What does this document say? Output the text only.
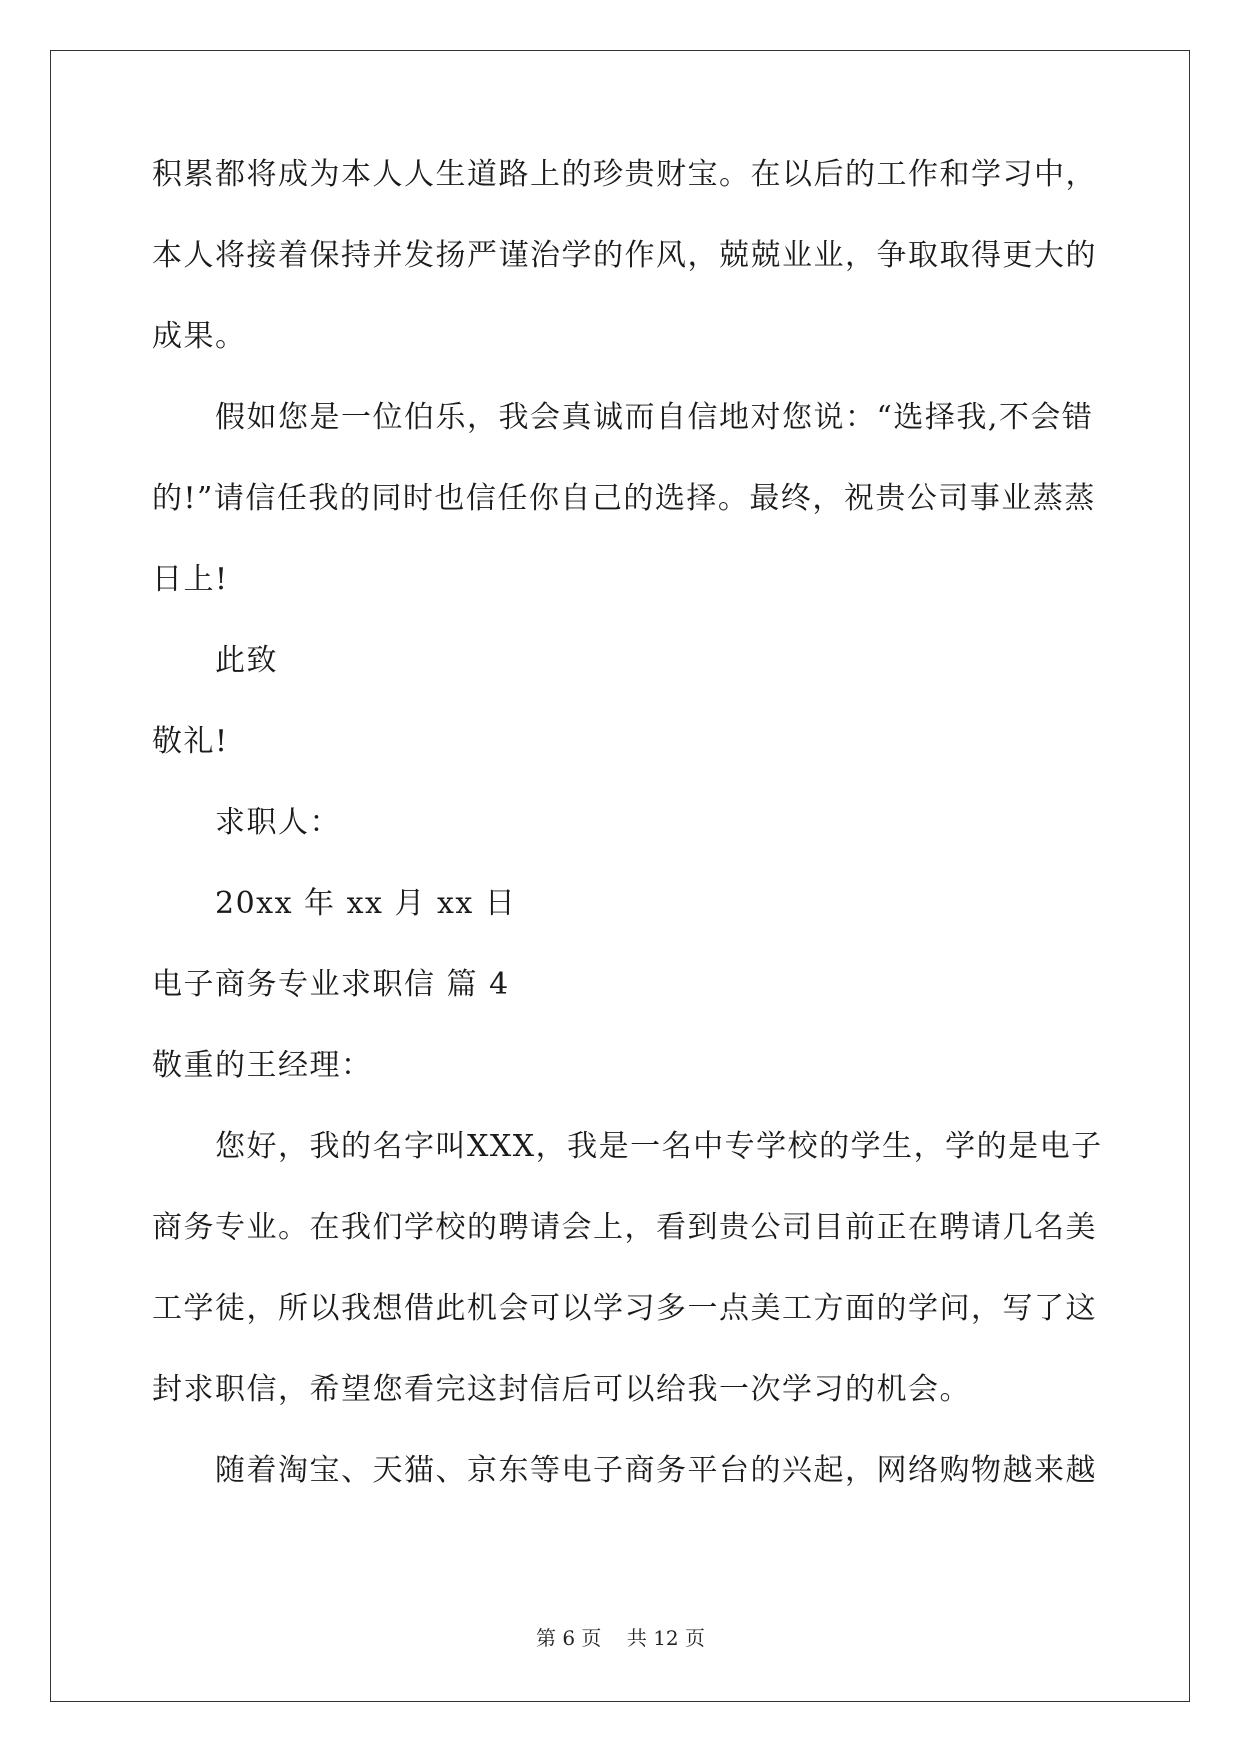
积累都将成为本人人生道路上的珍贵财宝。在以后的工作和学习中，
本人将接着保持并发扬严谨治学的作风，兢兢业业，争取取得更大的
成果。
假如您是一位伯乐，我会真诚而自信地对您说：“选择我,不会错
的!”请信任我的同时也信任你自己的选择。最终，祝贵公司事业蒸蒸
日上!
此致
敬礼!
求职人：
20xx 年 xx 月 xx 日
电子商务专业求职信 篇 4
敬重的王经理：
您好，我的名字叫XXX，我是一名中专学校的学生，学的是电子
商务专业。在我们学校的聘请会上，看到贵公司目前正在聘请几名美
工学徒，所以我想借此机会可以学习多一点美工方面的学问，写了这
封求职信，希望您看完这封信后可以给我一次学习的机会。
随着淘宝、天猫、京东等电子商务平台的兴起，网络购物越来越
第 6 页    共 12 页
